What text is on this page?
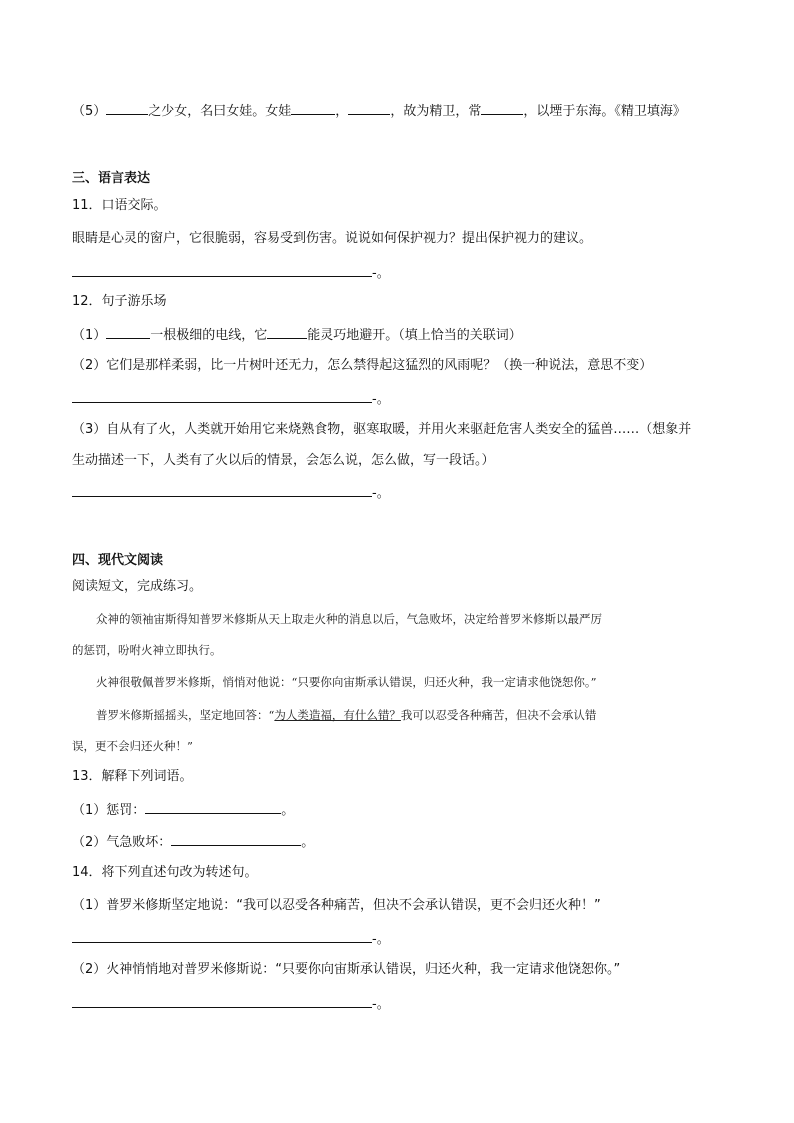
（5）	之少女，名曰女娃。女娃	，	，故为精卫，常	，以堙于东海。《精卫填海》
三、语言表达
11．口语交际。
眼睛是心灵的窗户，它很脆弱，容易受到伤害。说说如何保护视力？提出保护视力的建议。
-。
12．句子游乐场
（1）	一根极细的电线，它	能灵巧地避开。（填上恰当的关联词）
（2）它们是那样柔弱，比一片树叶还无力，怎么禁得起这猛烈的风雨呢？（换一种说法，意思不变）
-。
（3）自从有了火，人类就开始用它来烧熟食物，驱寒取暖，并用火来驱赶危害人类安全的猛兽……（想象并
生动描述一下，人类有了火以后的情景，会怎么说，怎么做，写一段话。）
-。
四、现代文阅读
阅读短文，完成练习。
众神的领袖宙斯得知普罗米修斯从天上取走火种的消息以后，气急败坏，决定给普罗米修斯以最严厉
的惩罚，吩咐火神立即执行。
火神很敬佩普罗米修斯，悄悄对他说：“只要你向宙斯承认错误，归还火种，我一定请求他饶恕你。”
普罗米修斯摇摇头，坚定地回答：“为人类造福，有什么错？我可以忍受各种痛苦，但决不会承认错
误，更不会归还火种！”
13．解释下列词语。
（1）惩罚：	。
（2）气急败坏：	。
14．将下列直述句改为转述句。
（1）普罗米修斯坚定地说：“我可以忍受各种痛苦，但决不会承认错误，更不会归还火种！”
-。
（2）火神悄悄地对普罗米修斯说：“只要你向宙斯承认错误，归还火种，我一定请求他饶恕你。”
-。
